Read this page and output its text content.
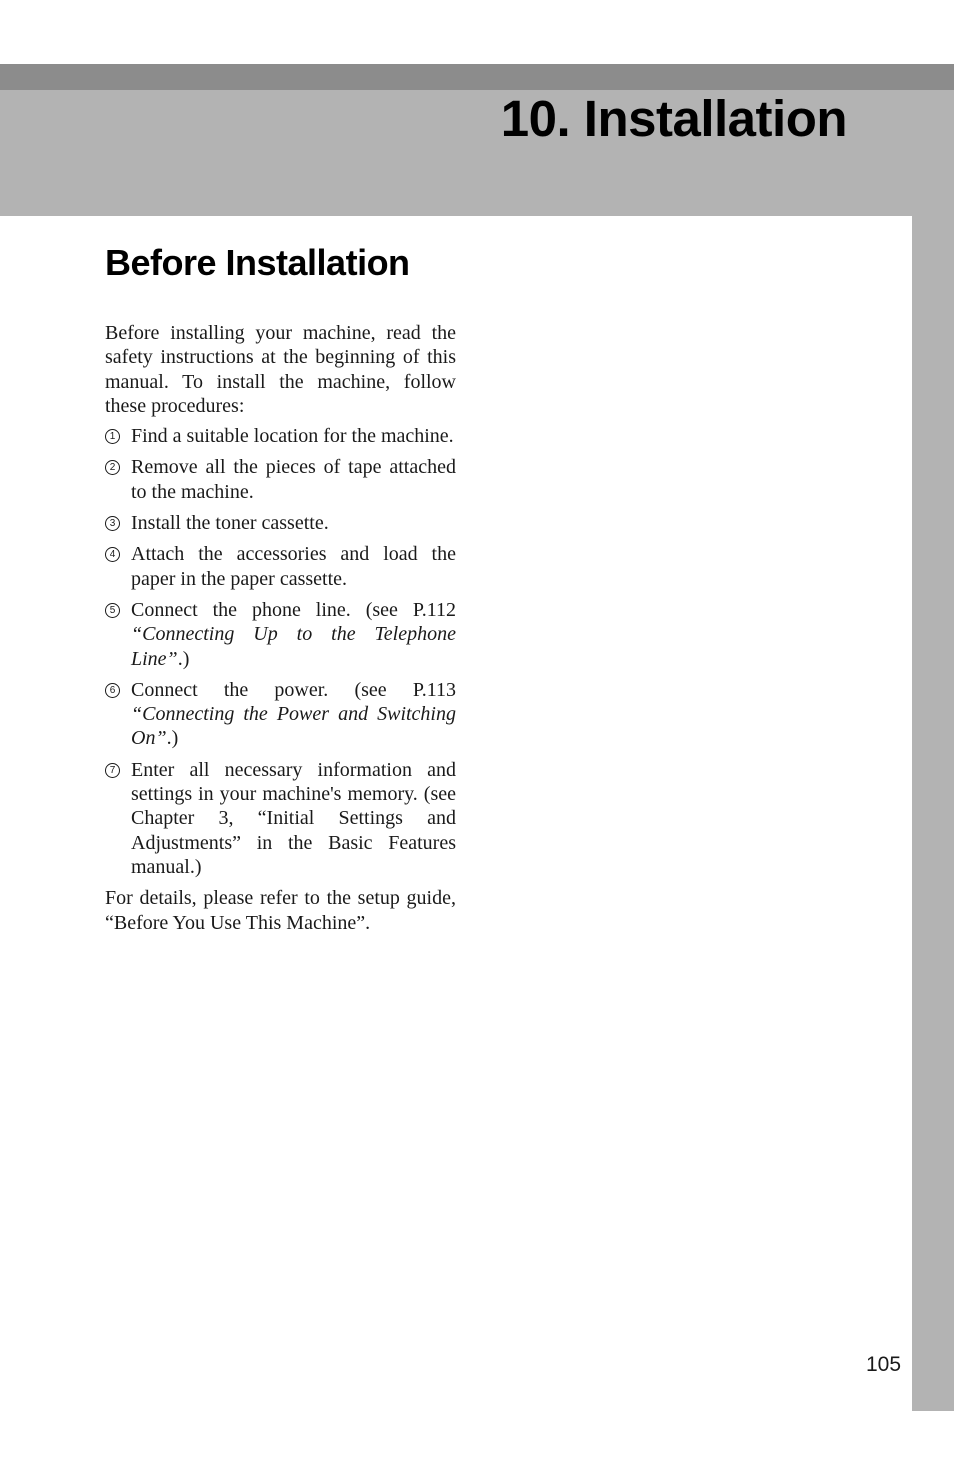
10. Installation
Before Installation

Before installing your machine, read the safety instructions at the beginning of this manual. To install the machine, follow these procedures:

1 Find a suitable location for the machine.
2 Remove all the pieces of tape attached to the machine.
3 Install the toner cassette.
4 Attach the accessories and load the paper in the paper cassette.
5 Connect the phone line. (see P.112 “Connecting Up to the Telephone Line”.)
6 Connect the power. (see P.113 “Connecting the Power and Switching On”.)
7 Enter all necessary information and settings in your machine's memory. (see Chapter 3, “Initial Settings and Adjustments” in the Basic Features manual.)

For details, please refer to the setup guide, “Before You Use This Machine”.

105
